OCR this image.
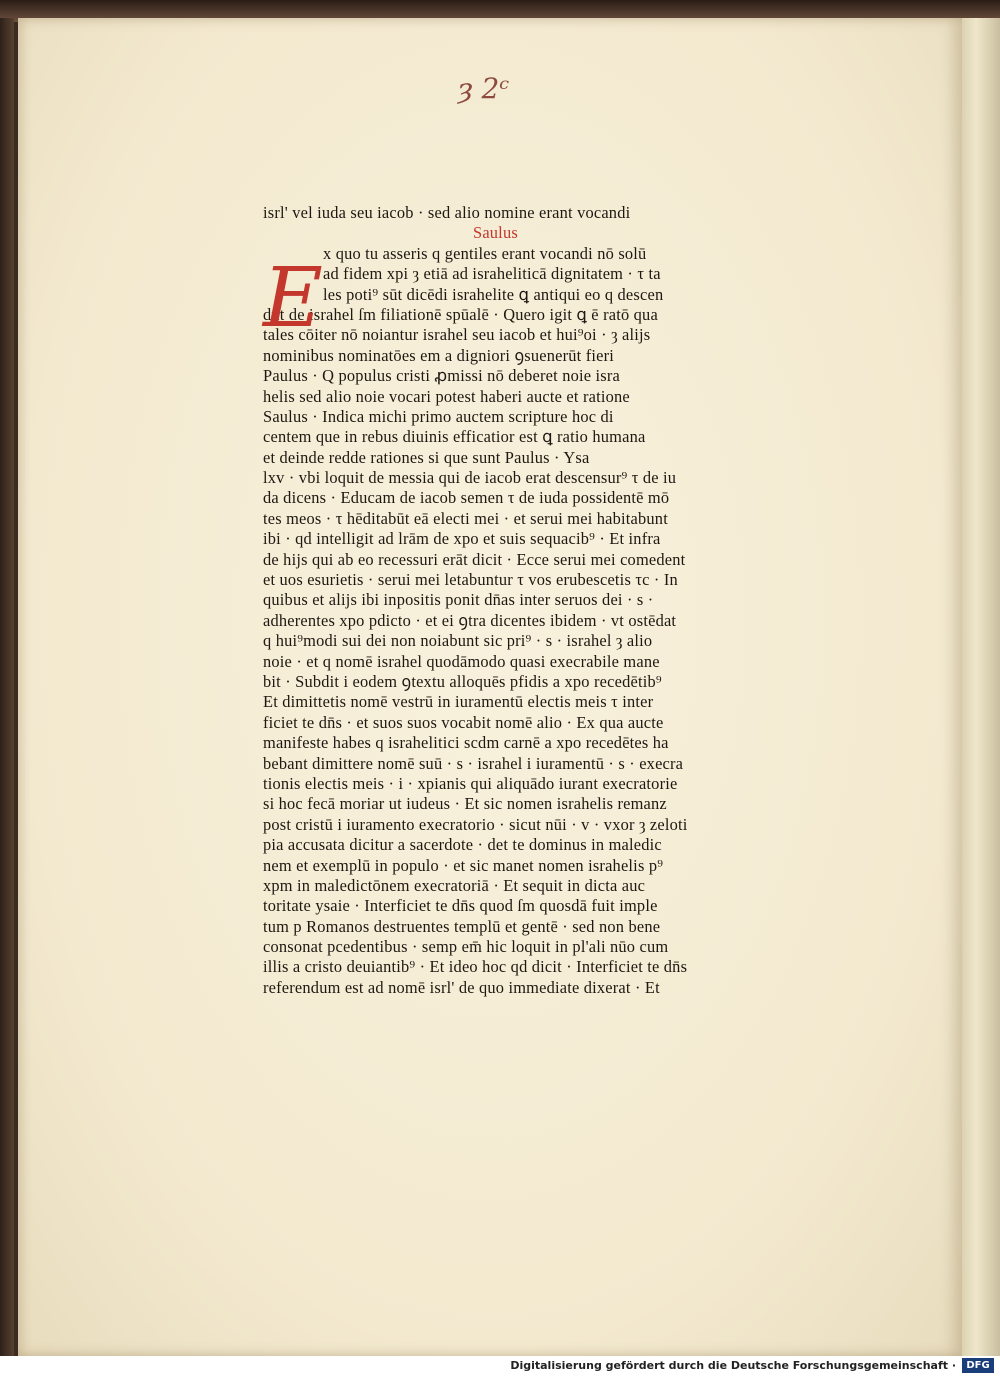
ȝ 2ᶜ
E
isrl' vel iuda seu iacob · sed alio nomine erant vocandi
Saulus
x quo tu asseris q gentiles erant vocandi nō solū
ad fidem xpi ȝ etiā ad israheliticā dignitatem · τ ta
les poti⁹ sūt dicēdi israhelite ꝗ antiqui eo q descen
dūt de israhel ſm filiationē spūalē · Quero igit ꝗ ē ratō qua
tales cōiter nō noiantur israhel seu iacob et hui⁹oi · ȝ alijs
nominibus nominatōes em a digniori ꝯsuenerūt fieri
Paulus · Q populus cristi ꝓmissi nō deberet noie isra
helis sed alio noie vocari potest haberi aucte et ratione
Saulus · Indica michi primo auctem scripture hoc di
centem que in rebus diuinis efficatior est ꝗ ratio humana
et deinde redde rationes si que sunt Paulus · Ysa
lxv · vbi loquit de messia qui de iacob erat descensur⁹ τ de iu
da dicens · Educam de iacob semen τ de iuda possidentē mō
tes meos · τ hēditabūt eā electi mei · et serui mei habitabunt
ibi · qd intelligit ad lrām de xpo et suis sequacib⁹ · Et infra
de hijs qui ab eo recessuri erāt dicit · Ecce serui mei comedent
et uos esurietis · serui mei letabuntur τ vos erubescetis τc · In
quibus et alijs ibi inpositis ponit dn̄as inter seruos dei · s ·
adherentes xpo pdicto · et ei ꝯtra dicentes ibidem · vt ostēdat
q hui⁹modi sui dei non noiabunt sic pri⁹ · s · israhel ȝ alio
noie · et q nomē israhel quodāmodo quasi execrabile mane
bit · Subdit i eodem ꝯtextu alloquēs pfidis a xpo recedētib⁹
Et dimittetis nomē vestrū in iuramentū electis meis τ inter
ficiet te dn̄s · et suos suos vocabit nomē alio · Ex qua aucte
manifeste habes q israhelitici scdm carnē a xpo recedētes ha
bebant dimittere nomē suū · s · israhel i iuramentū · s · execra
tionis electis meis · i · xpianis qui aliquādo iurant execratorie
si hoc fecā moriar ut iudeus · Et sic nomen israhelis remanz
post cristū i iuramento execratorio · sicut nūi · v · vxor ȝ zeloti
pia accusata dicitur a sacerdote · det te dominus in maledic
nem et exemplū in populo · et sic manet nomen israhelis p⁹
xpm in maledictōnem execratoriā · Et sequit in dicta auc
toritate ysaie · Interficiet te dn̄s quod ſm quosdā fuit imple
tum p Romanos destruentes templū et gentē · sed non bene
consonat pcedentibus · semp em̄ hic loquit in pl'ali nūo cum
illis a cristo deuiantib⁹ · Et ideo hoc qd dicit · Interficiet te dn̄s
referendum est ad nomē isrl' de quo immediate dixerat · Et
Digitalisierung gefördert durch die Deutsche Forschungsgemeinschaft ·	DFG
